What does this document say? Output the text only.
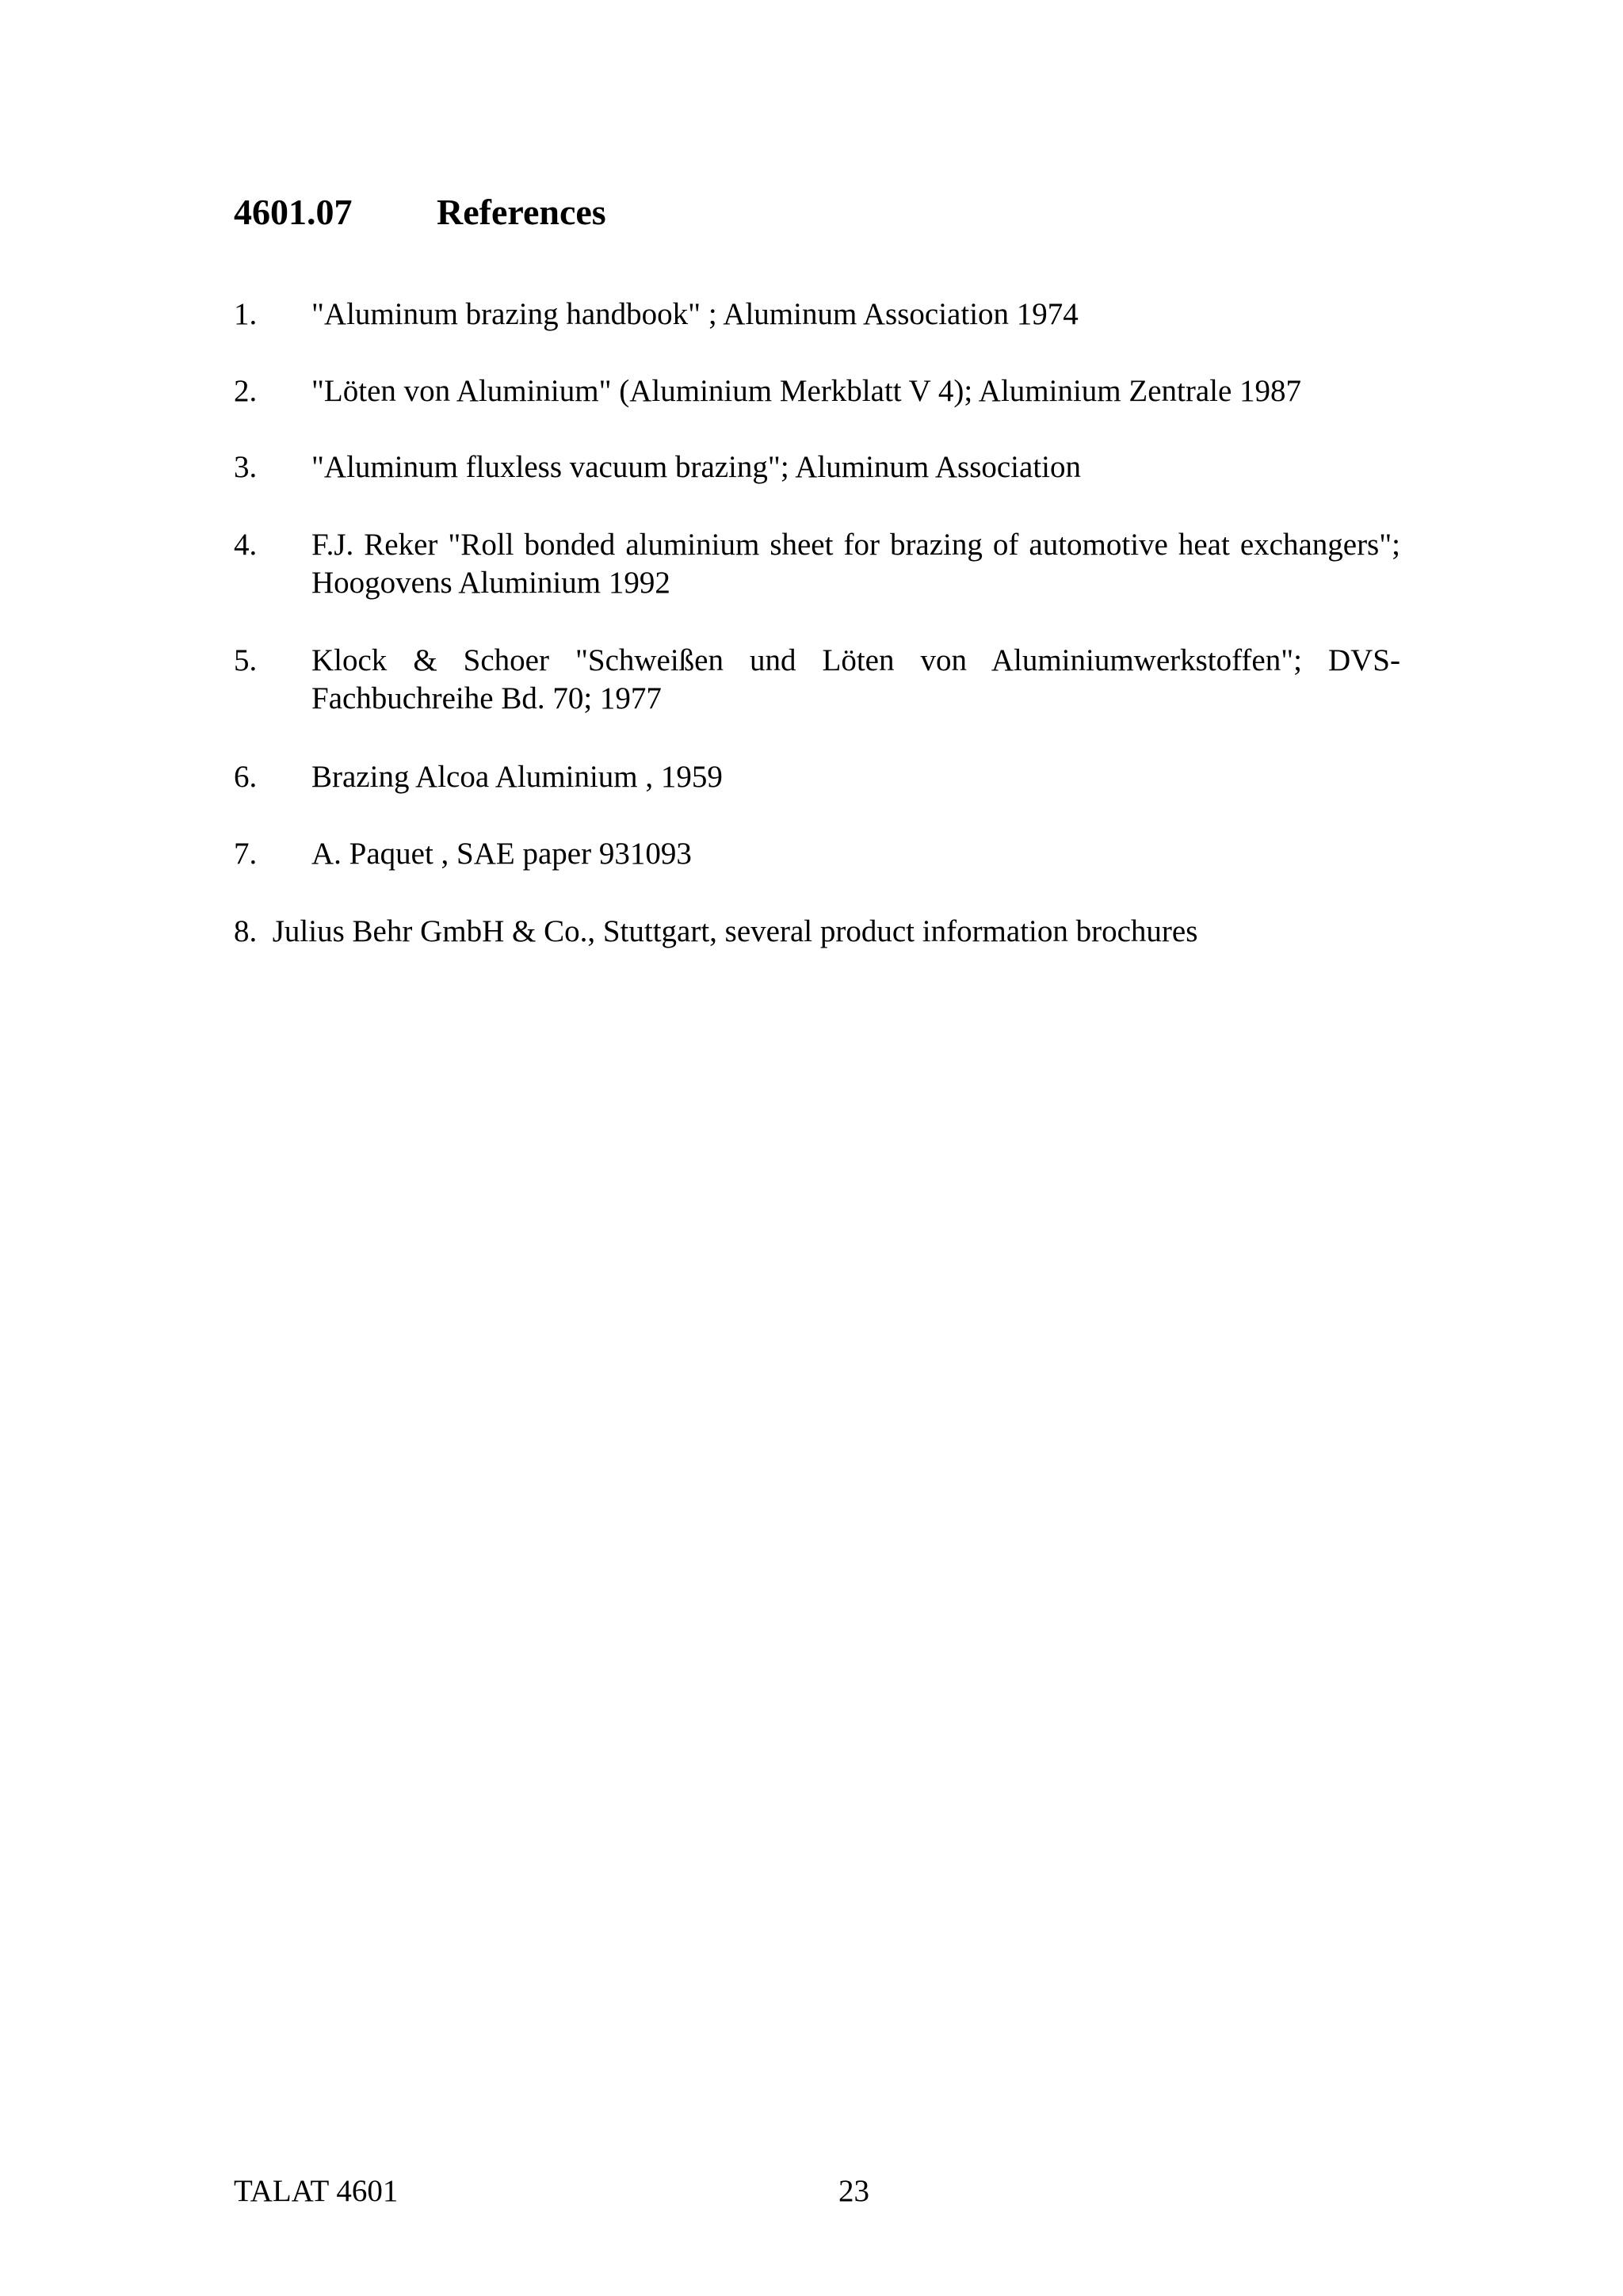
4601.07 References
1.	"Aluminum brazing handbook" ; Aluminum Association 1974
2.	"Löten von Aluminium" (Aluminium Merkblatt V 4); Aluminium Zentrale 1987
3.	"Aluminum fluxless vacuum brazing"; Aluminum Association
4.	F.J. Reker "Roll bonded aluminium sheet for brazing of automotive heat exchangers"; Hoogovens Aluminium 1992
5.	Klock & Schoer "Schweißen und Löten von Aluminiumwerkstoffen"; DVS-Fachbuchreihe Bd. 70; 1977
6.	Brazing Alcoa Aluminium , 1959
7.	A. Paquet , SAE paper 931093
8. Julius Behr GmbH & Co., Stuttgart, several product information brochures
TALAT 4601	23
